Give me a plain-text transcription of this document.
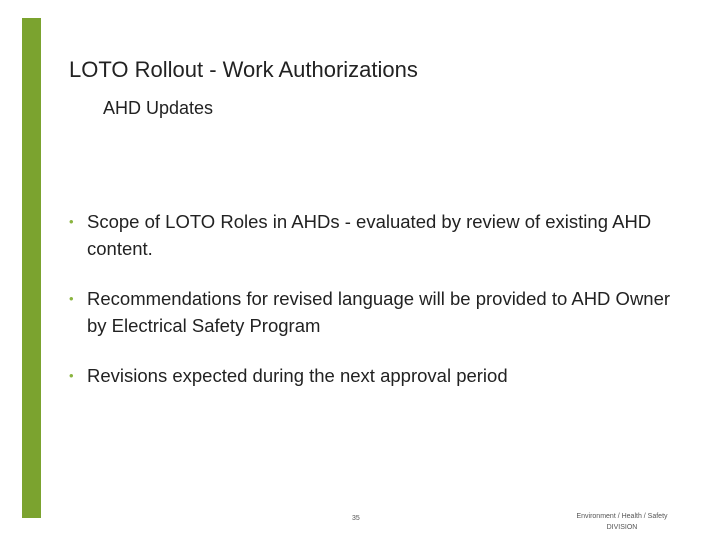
LOTO Rollout - Work Authorizations
AHD Updates
• Scope of LOTO Roles in AHDs - evaluated by review of existing AHD content.
• Recommendations for revised language will be provided to AHD Owner by Electrical Safety Program
• Revisions expected during the next approval period
35	Environment / Health / Safety
DIVISION
